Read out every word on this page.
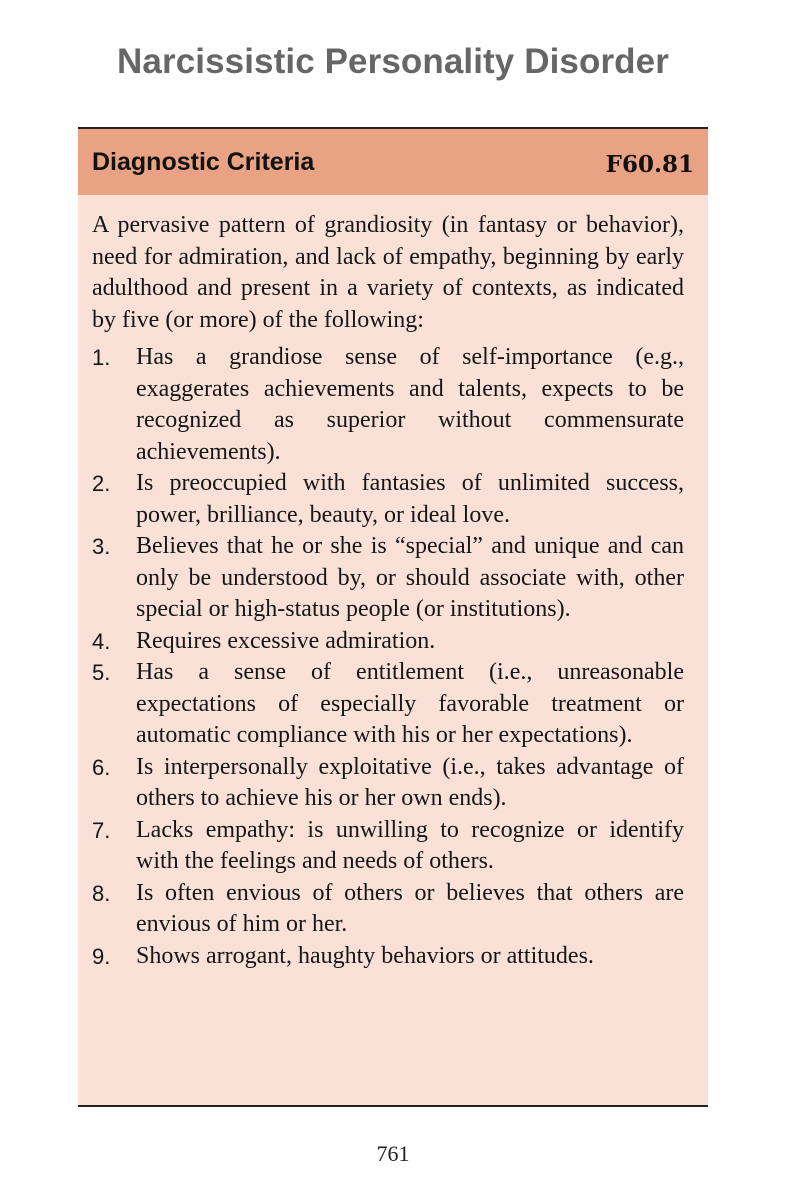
Narcissistic Personality Disorder
Diagnostic Criteria	F60.81

A pervasive pattern of grandiosity (in fantasy or behavior), need for admiration, and lack of empathy, beginning by early adulthood and present in a variety of contexts, as indicated by five (or more) of the following:

1. Has a grandiose sense of self-importance (e.g., exaggerates achievements and talents, expects to be recognized as superior without commensurate achievements).
2. Is preoccupied with fantasies of unlimited success, power, brilliance, beauty, or ideal love.
3. Believes that he or she is “special” and unique and can only be understood by, or should associate with, other special or high-status people (or institutions).
4. Requires excessive admiration.
5. Has a sense of entitlement (i.e., unreasonable expectations of especially favorable treatment or automatic compliance with his or her expectations).
6. Is interpersonally exploitative (i.e., takes advantage of others to achieve his or her own ends).
7. Lacks empathy: is unwilling to recognize or identify with the feelings and needs of others.
8. Is often envious of others or believes that others are envious of him or her.
9. Shows arrogant, haughty behaviors or attitudes.
761
